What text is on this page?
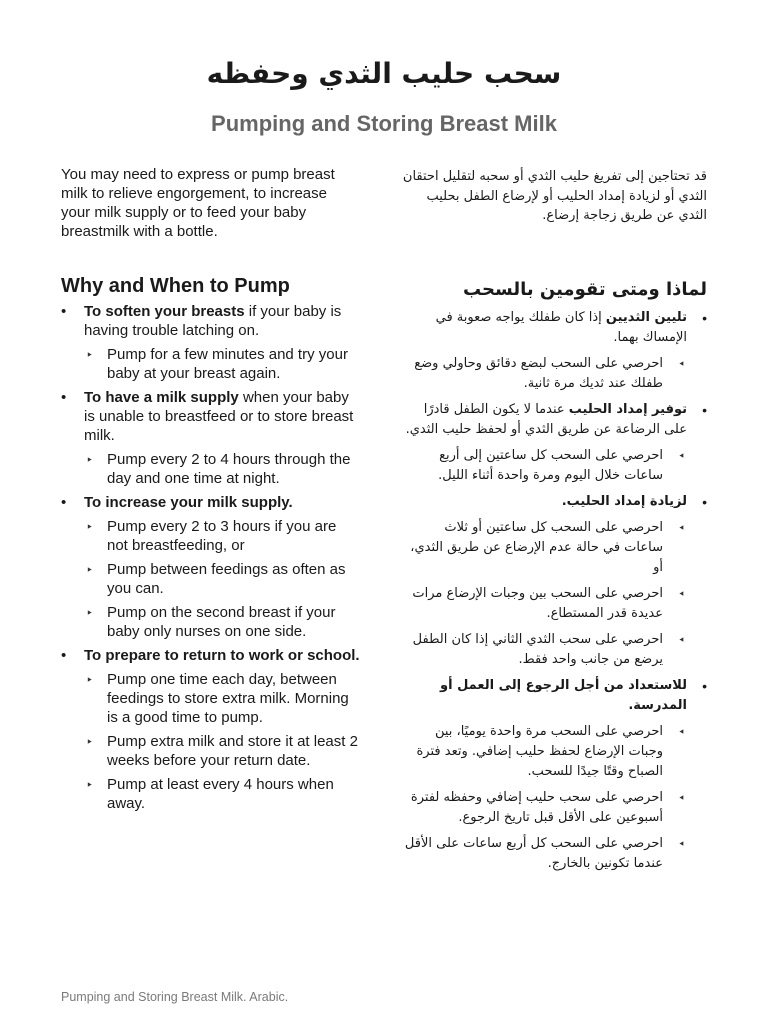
سحب حليب الثدي وحفظه
Pumping and Storing Breast Milk
You may need to express or pump breast milk to relieve engorgement, to increase your milk supply or to feed your baby breastmilk with a bottle.
Why and When to Pump
•
To soften your breasts if your baby is having trouble latching on.
‣
Pump for a few minutes and try your baby at your breast again.
•
To have a milk supply when your baby is unable to breastfeed or to store breast milk.
‣
Pump every 2 to 4 hours through the day and one time at night.
•
To increase your milk supply.
‣
Pump every 2 to 3 hours if you are not breastfeeding, or
‣
Pump between feedings as often as you can.
‣
Pump on the second breast if your baby only nurses on one side.
•
To prepare to return to work or school.
‣
Pump one time each day, between feedings to store extra milk. Morning is a good time to pump.
‣
Pump extra milk and store it at least 2 weeks before your return date.
‣
Pump at least every 4 hours when away.
قد تحتاجين إلى تفريغ حليب الثدي أو سحبه لتقليل احتقان الثدي أو لزيادة إمداد الحليب أو لإرضاع الطفل بحليب الثدي عن طريق زجاجة إرضاع.
لماذا ومتى تقومين بالسحب
•
تليين الثديين إذا كان طفلك يواجه صعوبة في الإمساك بهما.
‣
احرصي على السحب لبضع دقائق وحاولي وضع طفلك عند ثديك مرة ثانية.
•
توفير إمداد الحليب عندما لا يكون الطفل قادرًا على الرضاعة عن طريق الثدي أو لحفظ حليب الثدي.
‣
احرصي على السحب كل ساعتين إلى أربع ساعات خلال اليوم ومرة واحدة أثناء الليل.
•
لزيادة إمداد الحليب.
‣
احرصي على السحب كل ساعتين أو ثلاث ساعات في حالة عدم الإرضاع عن طريق الثدي، أو
‣
احرصي على السحب بين وجبات الإرضاع مرات عديدة قدر المستطاع.
‣
احرصي على سحب الثدي الثاني إذا كان الطفل يرضع من جانب واحد فقط.
•
للاستعداد من أجل الرجوع إلى العمل أو المدرسة.
‣
احرصي على السحب مرة واحدة يوميًا، بين وجبات الإرضاع لحفظ حليب إضافي. وتعد فترة الصباح وقتًا جيدًا للسحب.
‣
احرصي على سحب حليب إضافي وحفظه لفترة أسبوعين على الأقل قبل تاريخ الرجوع.
‣
احرصي على السحب كل أربع ساعات على الأقل عندما تكونين بالخارج.
Pumping and Storing Breast Milk. Arabic.
